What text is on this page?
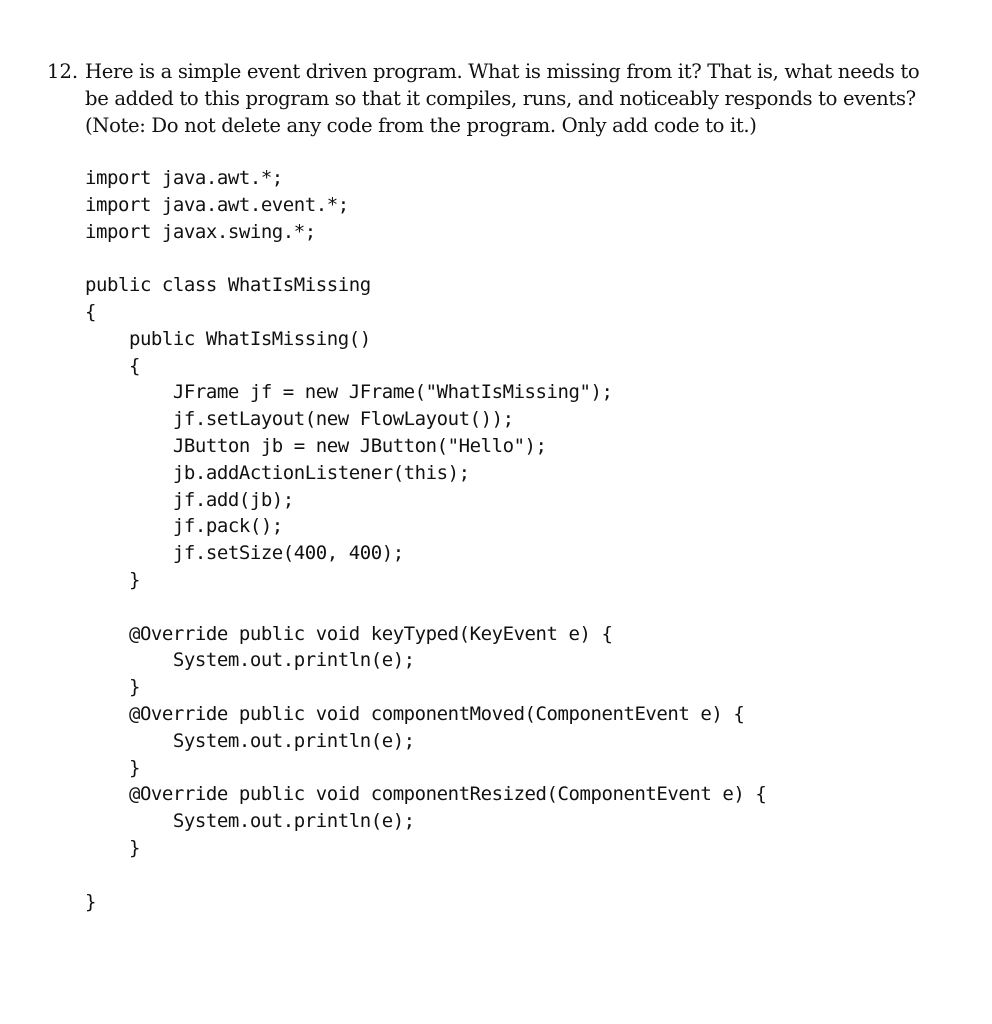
12. Here is a simple event driven program. What is missing from it? That is, what needs to
be added to this program so that it compiles, runs, and noticeably responds to events?
(Note: Do not delete any code from the program. Only add code to it.)
import java.awt.*;
import java.awt.event.*;
import javax.swing.*;
public class WhatIsMissing
{
public WhatIsMissing()
{
JFrame jf = new JFrame("WhatIsMissing");
jf.setLayout(new FlowLayout());
JButton jb = new JButton("Hello");
jb.addActionListener(this);
jf.add(jb);
jf.pack();
jf.setSize(400, 400);
}
@Override public void keyTyped(KeyEvent e) {
System.out.println(e);
}
@Override public void componentMoved(ComponentEvent e) {
System.out.println(e);
}
@Override public void componentResized(ComponentEvent e) {
System.out.println(e);
}
}
